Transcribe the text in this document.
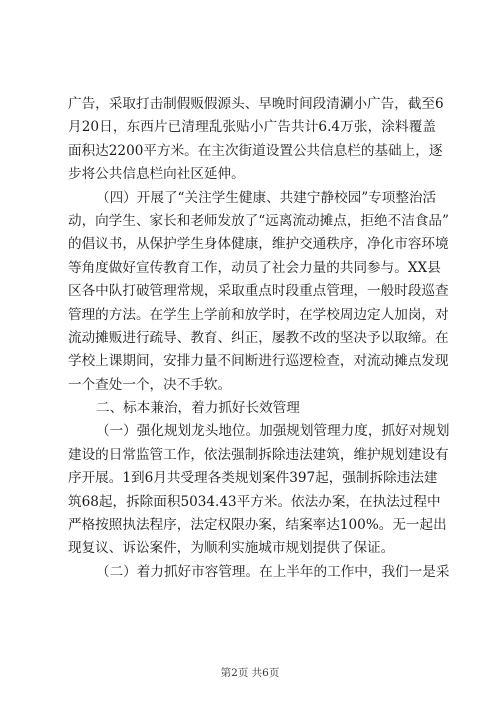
广告，采取打击制假贩假源头、早晚时间段清涮小广告，截至6
月20日，东西片已清理乱张贴小广告共计6.4万张，涂料覆盖
面积达2200平方米。在主次街道设置公共信息栏的基础上，逐
步将公共信息栏向社区延伸。
（四）开展了“关注学生健康、共建宁静校园”专项整治活
动，向学生、家长和老师发放了“远离流动摊点，拒绝不洁食品”
的倡议书，从保护学生身体健康，维护交通秩序，净化市容环境
等角度做好宣传教育工作，动员了社会力量的共同参与。XX县
区各中队打破管理常规，采取重点时段重点管理，一般时段巡查
管理的方法。在学生上学前和放学时，在学校周边定人加岗，对
流动摊贩进行疏导、教育、纠正，屡教不改的坚决予以取缔。在
学校上课期间，安排力量不间断进行巡逻检查，对流动摊点发现
一个查处一个，决不手软。
二、标本兼治，着力抓好长效管理
（一）强化规划龙头地位。加强规划管理力度，抓好对规划
建设的日常监管工作，依法强制拆除违法建筑，维护规划建设有
序开展。1到6月共受理各类规划案件397起，强制拆除违法建
筑68起，拆除面积5034.43平方米。依法办案，在执法过程中
严格按照执法程序，法定权限办案，结案率达100%。无一起出
现复议、诉讼案件，为顺利实施城市规划提供了保证。
（二）着力抓好市容管理。在上半年的工作中，我们一是采
第2页 共6页
